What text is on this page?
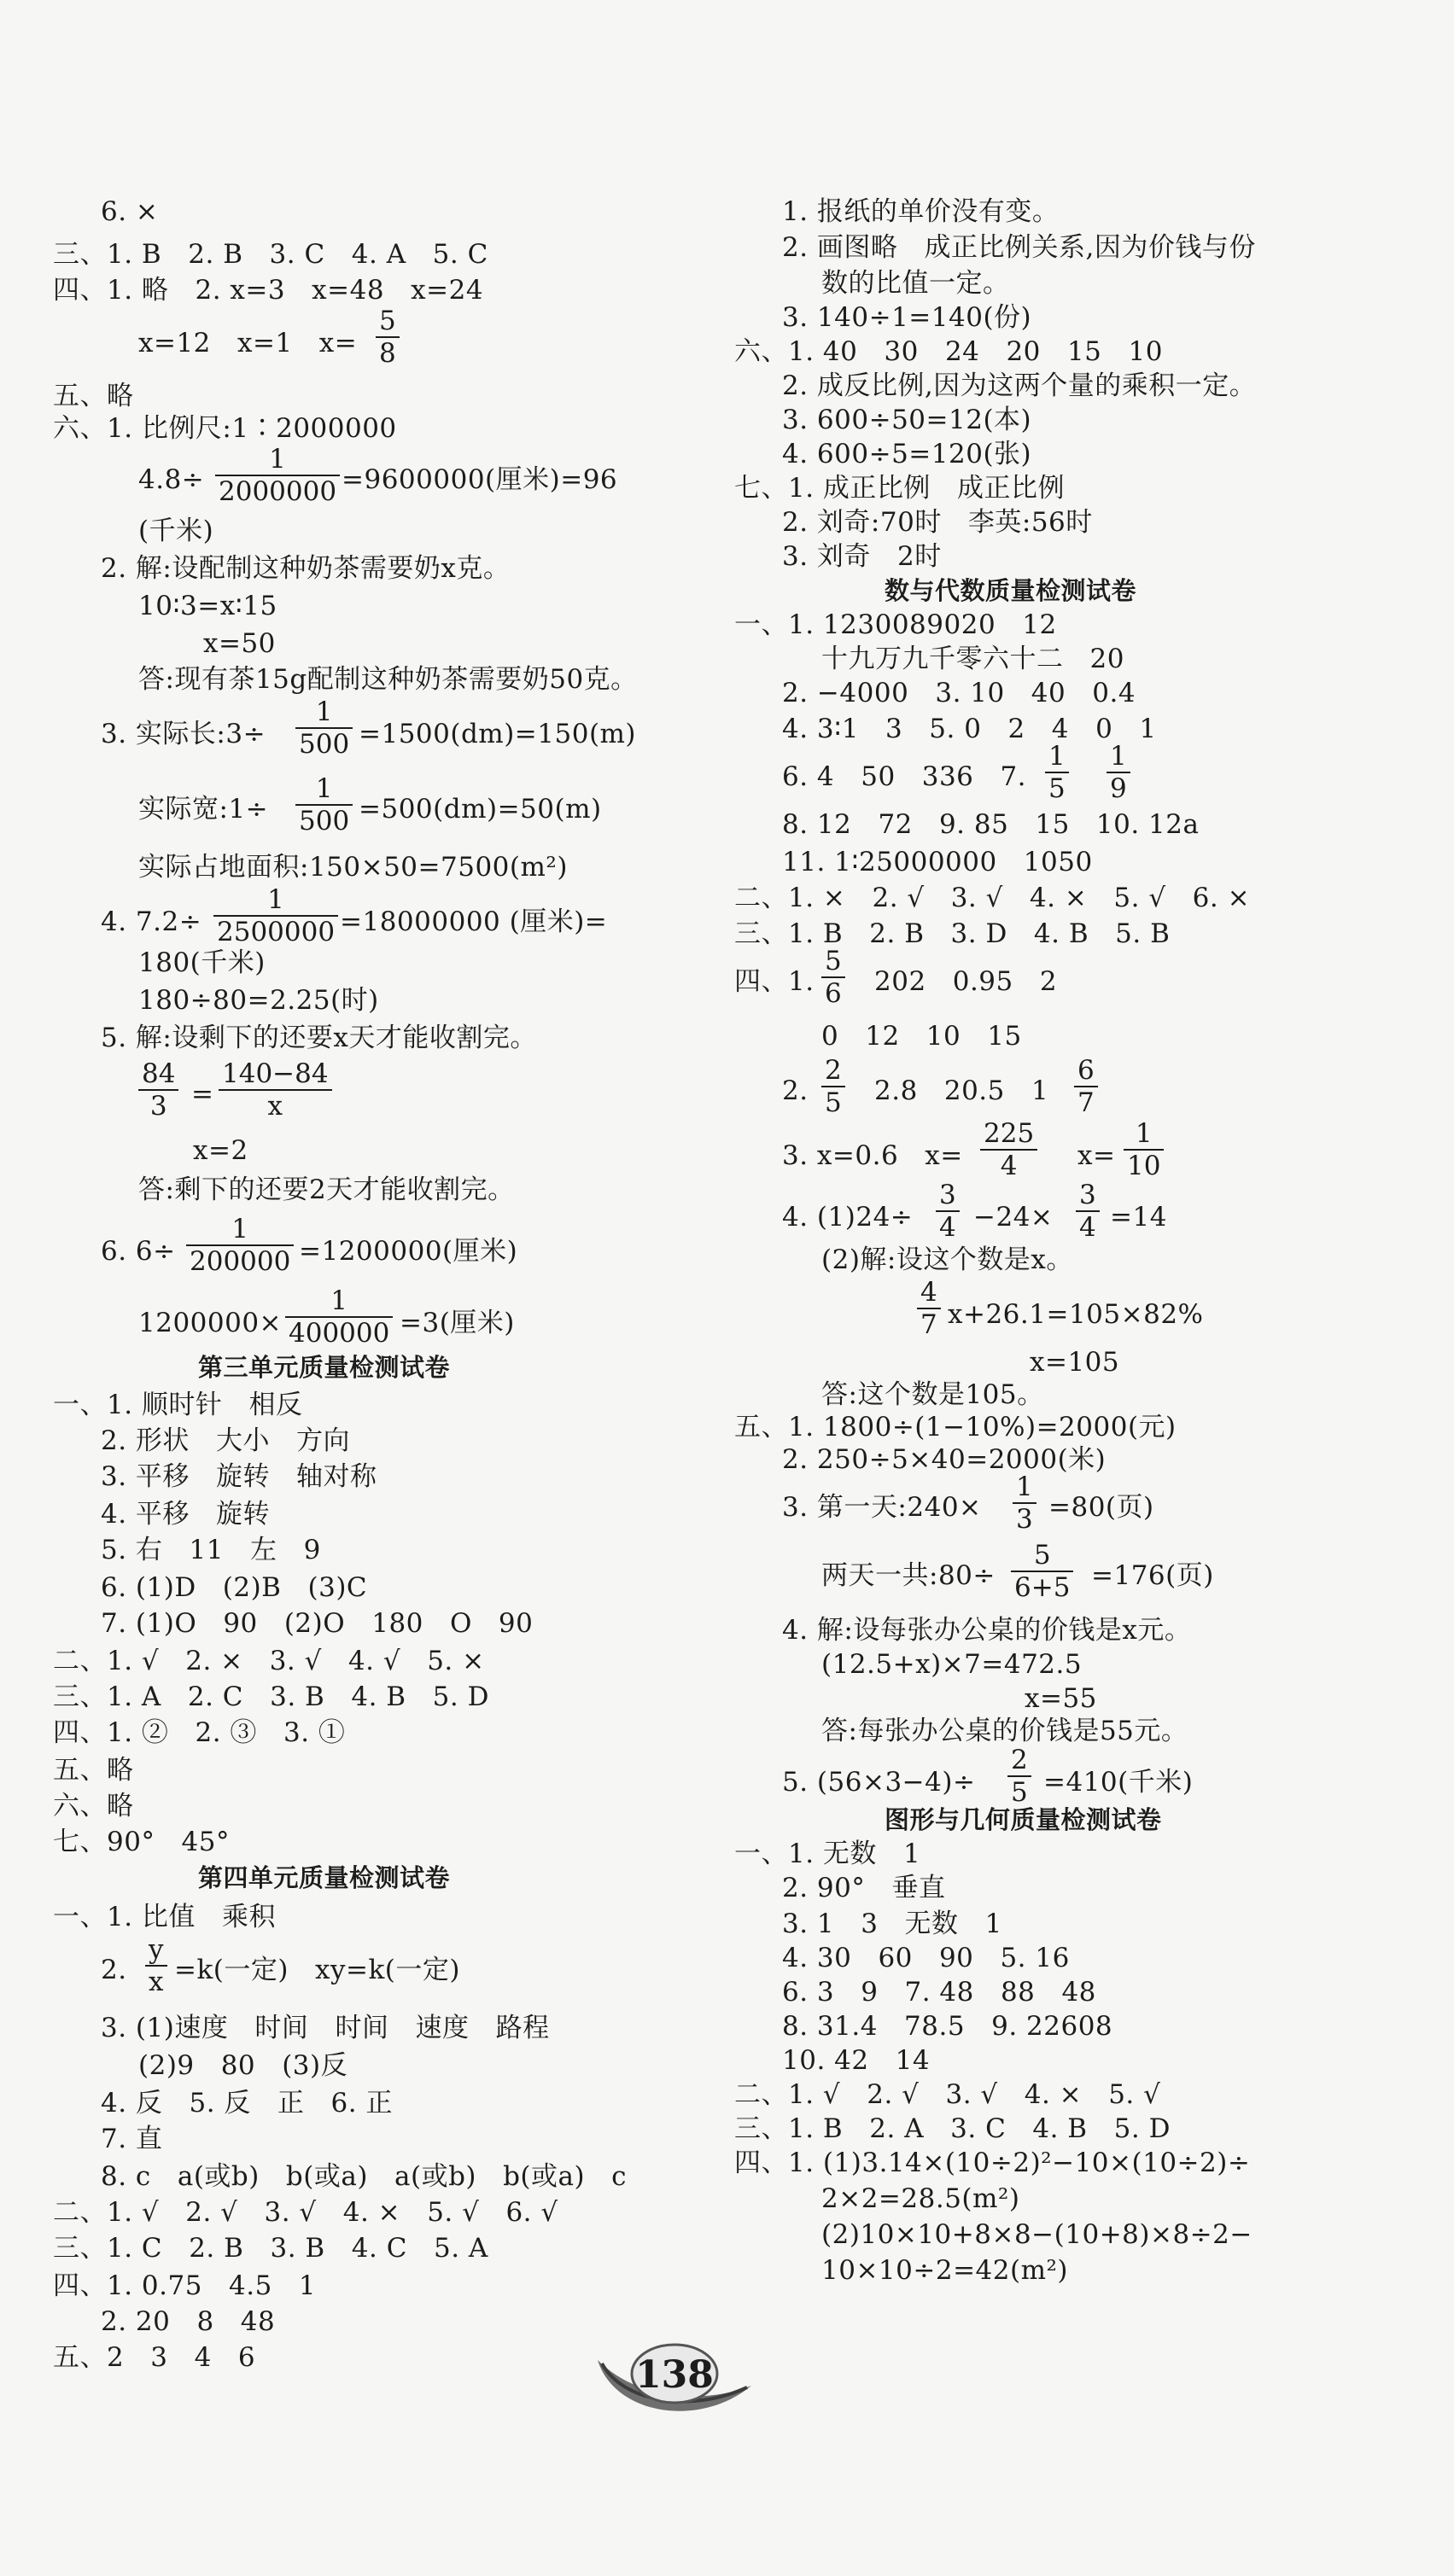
6. ×
三、1. B   2. B   3. C   4. A   5. C
四、1. 略   2. x=3   x=48   x=24
x=12   x=1   $x= \frac{5}{8}$
五、略
六、1. 比例尺:1∶2000000
$4.8\div \frac{1}{2000000} =9600000$(厘米)=96
(千米)
2. 解:设配制这种奶茶需要奶x克。
10∶3=x∶15
x=50
答:现有茶15g配制这种奶茶需要奶50克。
3. 实际长:3÷ $\frac{1}{500} =1500(dm)=150(m)$
实际宽:1÷ $\frac{1}{500} =500(dm)=50(m)$
实际占地面积:150×50=7500(m²)
4. $7.2\div \frac{1}{2500000} =18000000$ (厘米)=
180(千米)
180÷80=2.25(时)
5. 解:设剩下的还要x天才能收割完。
$\frac{84}{3} = \frac{140-84}{x}$
x=2
答:剩下的还要2天才能收割完。
6. $6\div \frac{1}{200000} =1200000$(厘米)
$1200000\times \frac{1}{400000} =3$(厘米)
第三单元质量检测试卷
一、1. 顺时针   相反
2. 形状   大小   方向
3. 平移   旋转   轴对称
4. 平移   旋转
5. 右   11   左   9
6. (1)D   (2)B   (3)C
7. (1)O   90   (2)O   180   O   90
二、1. √   2. ×   3. √   4. √   5. ×
三、1. A   2. C   3. B   4. B   5. D
四、1. ②   2. ③   3. ①
五、略
六、略
七、90°   45°
第四单元质量检测试卷
一、1. 比值   乘积
2. $\frac{y}{x} =k$(一定)   xy=k(一定)
3. (1)速度   时间   时间   速度   路程
(2)9   80   (3)反
4. 反   5. 反   正   6. 正
7. 直
8. c   a(或b)   b(或a)   a(或b)   b(或a)   c
二、1. √   2. √   3. √   4. ×   5. √   6. √
三、1. C   2. B   3. B   4. C   5. A
四、1. 0.75   4.5   1
2. 20   8   48
五、2   3   4   6
1. 报纸的单价没有变。
2. 画图略   成正比例关系,因为价钱与份
数的比值一定。
3. 140÷1=140(份)
六、1. 40   30   24   20   15   10
2. 成反比例,因为这两个量的乘积一定。
3. 600÷50=12(本)
4. 600÷5=120(张)
七、1. 成正比例   成正比例
2. 刘奇:70时   李英:56时
3. 刘奇   2时
数与代数质量检测试卷
一、1. 1230089020   12
十九万九千零六十二   20
2. −4000   3. 10   40   0.4
4. 3∶1   3   5. 0   2   4   0   1
6. 4   50   336   7. $\frac{1}{5} \frac{1}{9}$
8. 12   72   9. 85   15   10. 12a
11. 1∶25000000   1050
二、1. ×   2. √   3. √   4. ×   5. √   6. ×
三、1. B   2. B   3. D   4. B   5. B
四、1. $\frac{5}{6} 202$   0.95   2
0   12   10   15
2. $\frac{2}{5} 2.8$   20.5   $1 \frac{6}{7}$
3. x=0.6   $x= \frac{225}{4} x= \frac{1}{10}$
4. $(1)24\div \frac{3}{4} -24\times \frac{3}{4} =14$
(2)解:设这个数是x。
$\frac{4}{7} x+26.1=105\times 82\%$
x=105
答:这个数是105。
五、1. 1800÷(1−10%)=2000(元)
2. 250÷5×40=2000(米)
3. 第一天:240× $\frac{1}{3} =80$(页)
两天一共:80÷ $\frac{5}{6+5} =176$(页)
4. 解:设每张办公桌的价钱是x元。
(12.5+x)×7=472.5
x=55
答:每张办公桌的价钱是55元。
5. $(56\times 3-4)\div \frac{2}{5} =410$(千米)
图形与几何质量检测试卷
一、1. 无数   1
2. 90°   垂直
3. 1   3   无数   1
4. 30   60   90   5. 16
6. 3   9   7. 48   88   48
8. 31.4   78.5   9. 22608
10. 42   14
二、1. √   2. √   3. √   4. ×   5. √
三、1. B   2. A   3. C   4. B   5. D
四、1. (1)3.14×(10÷2)²−10×(10÷2)÷
2×2=28.5(m²)
(2)10×10+8×8−(10+8)×8÷2−
10×10÷2=42(m²)
138
